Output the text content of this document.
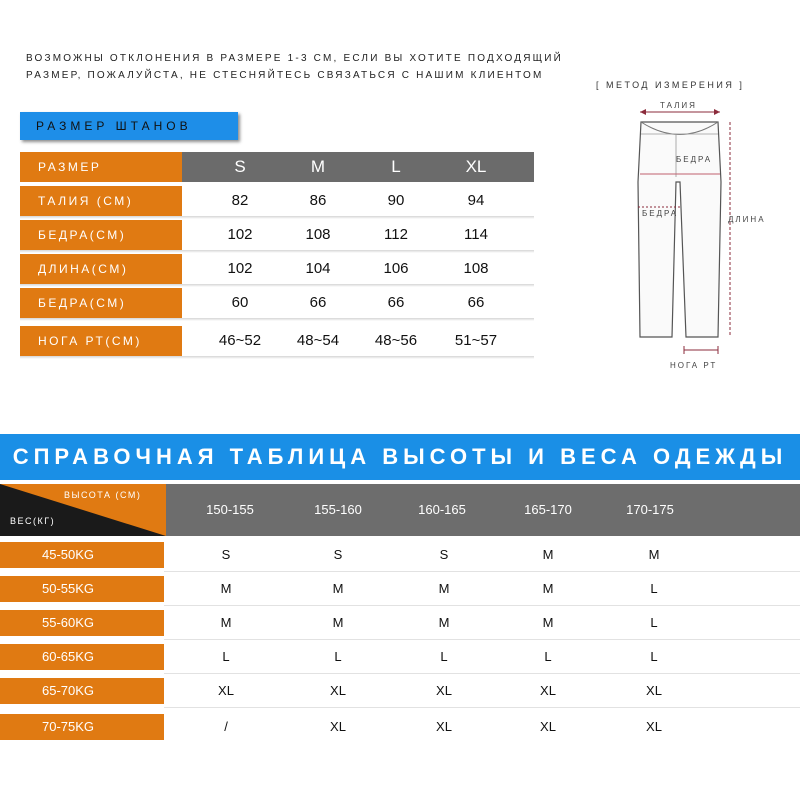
ВОЗМОЖНЫ ОТКЛОНЕНИЯ В РАЗМЕРЕ 1-3 СМ, ЕСЛИ ВЫ ХОТИТЕ ПОДХОДЯЩИЙ РАЗМЕР, ПОЖАЛУЙСТА, НЕ СТЕСНЯЙТЕСЬ СВЯЗАТЬСЯ С НАШИМ КЛИЕНТОМ
РАЗМЕР ШТАНОВ
РАЗМЕР	S	M	L	XL
ТАЛИЯ (СМ)	82	86	90	94
БЕДРА(СМ)	102	108	112	114
ДЛИНА(СМ)	102	104	106	108
БЕДРА(СМ)	60	66	66	66
НОГА РТ(СМ)	46~52	48~54	48~56	51~57
[ МЕТОД ИЗМЕРЕНИЯ ]
ТАЛИЯ
БЕДРА
БЕДРА
ДЛИНА
НОГА РТ
СПРАВОЧНАЯ ТАБЛИЦА ВЫСОТЫ И ВЕСА ОДЕЖДЫ
ВЫСОТА (СМ)
ВЕС(КГ)
150-155	155-160	160-165	165-170	170-175
45-50KG	S	S	S	M	M
50-55KG	M	M	M	M	L
55-60KG	M	M	M	M	L
60-65KG	L	L	L	L	L
65-70KG	XL	XL	XL	XL	XL
70-75KG	/	XL	XL	XL	XL
